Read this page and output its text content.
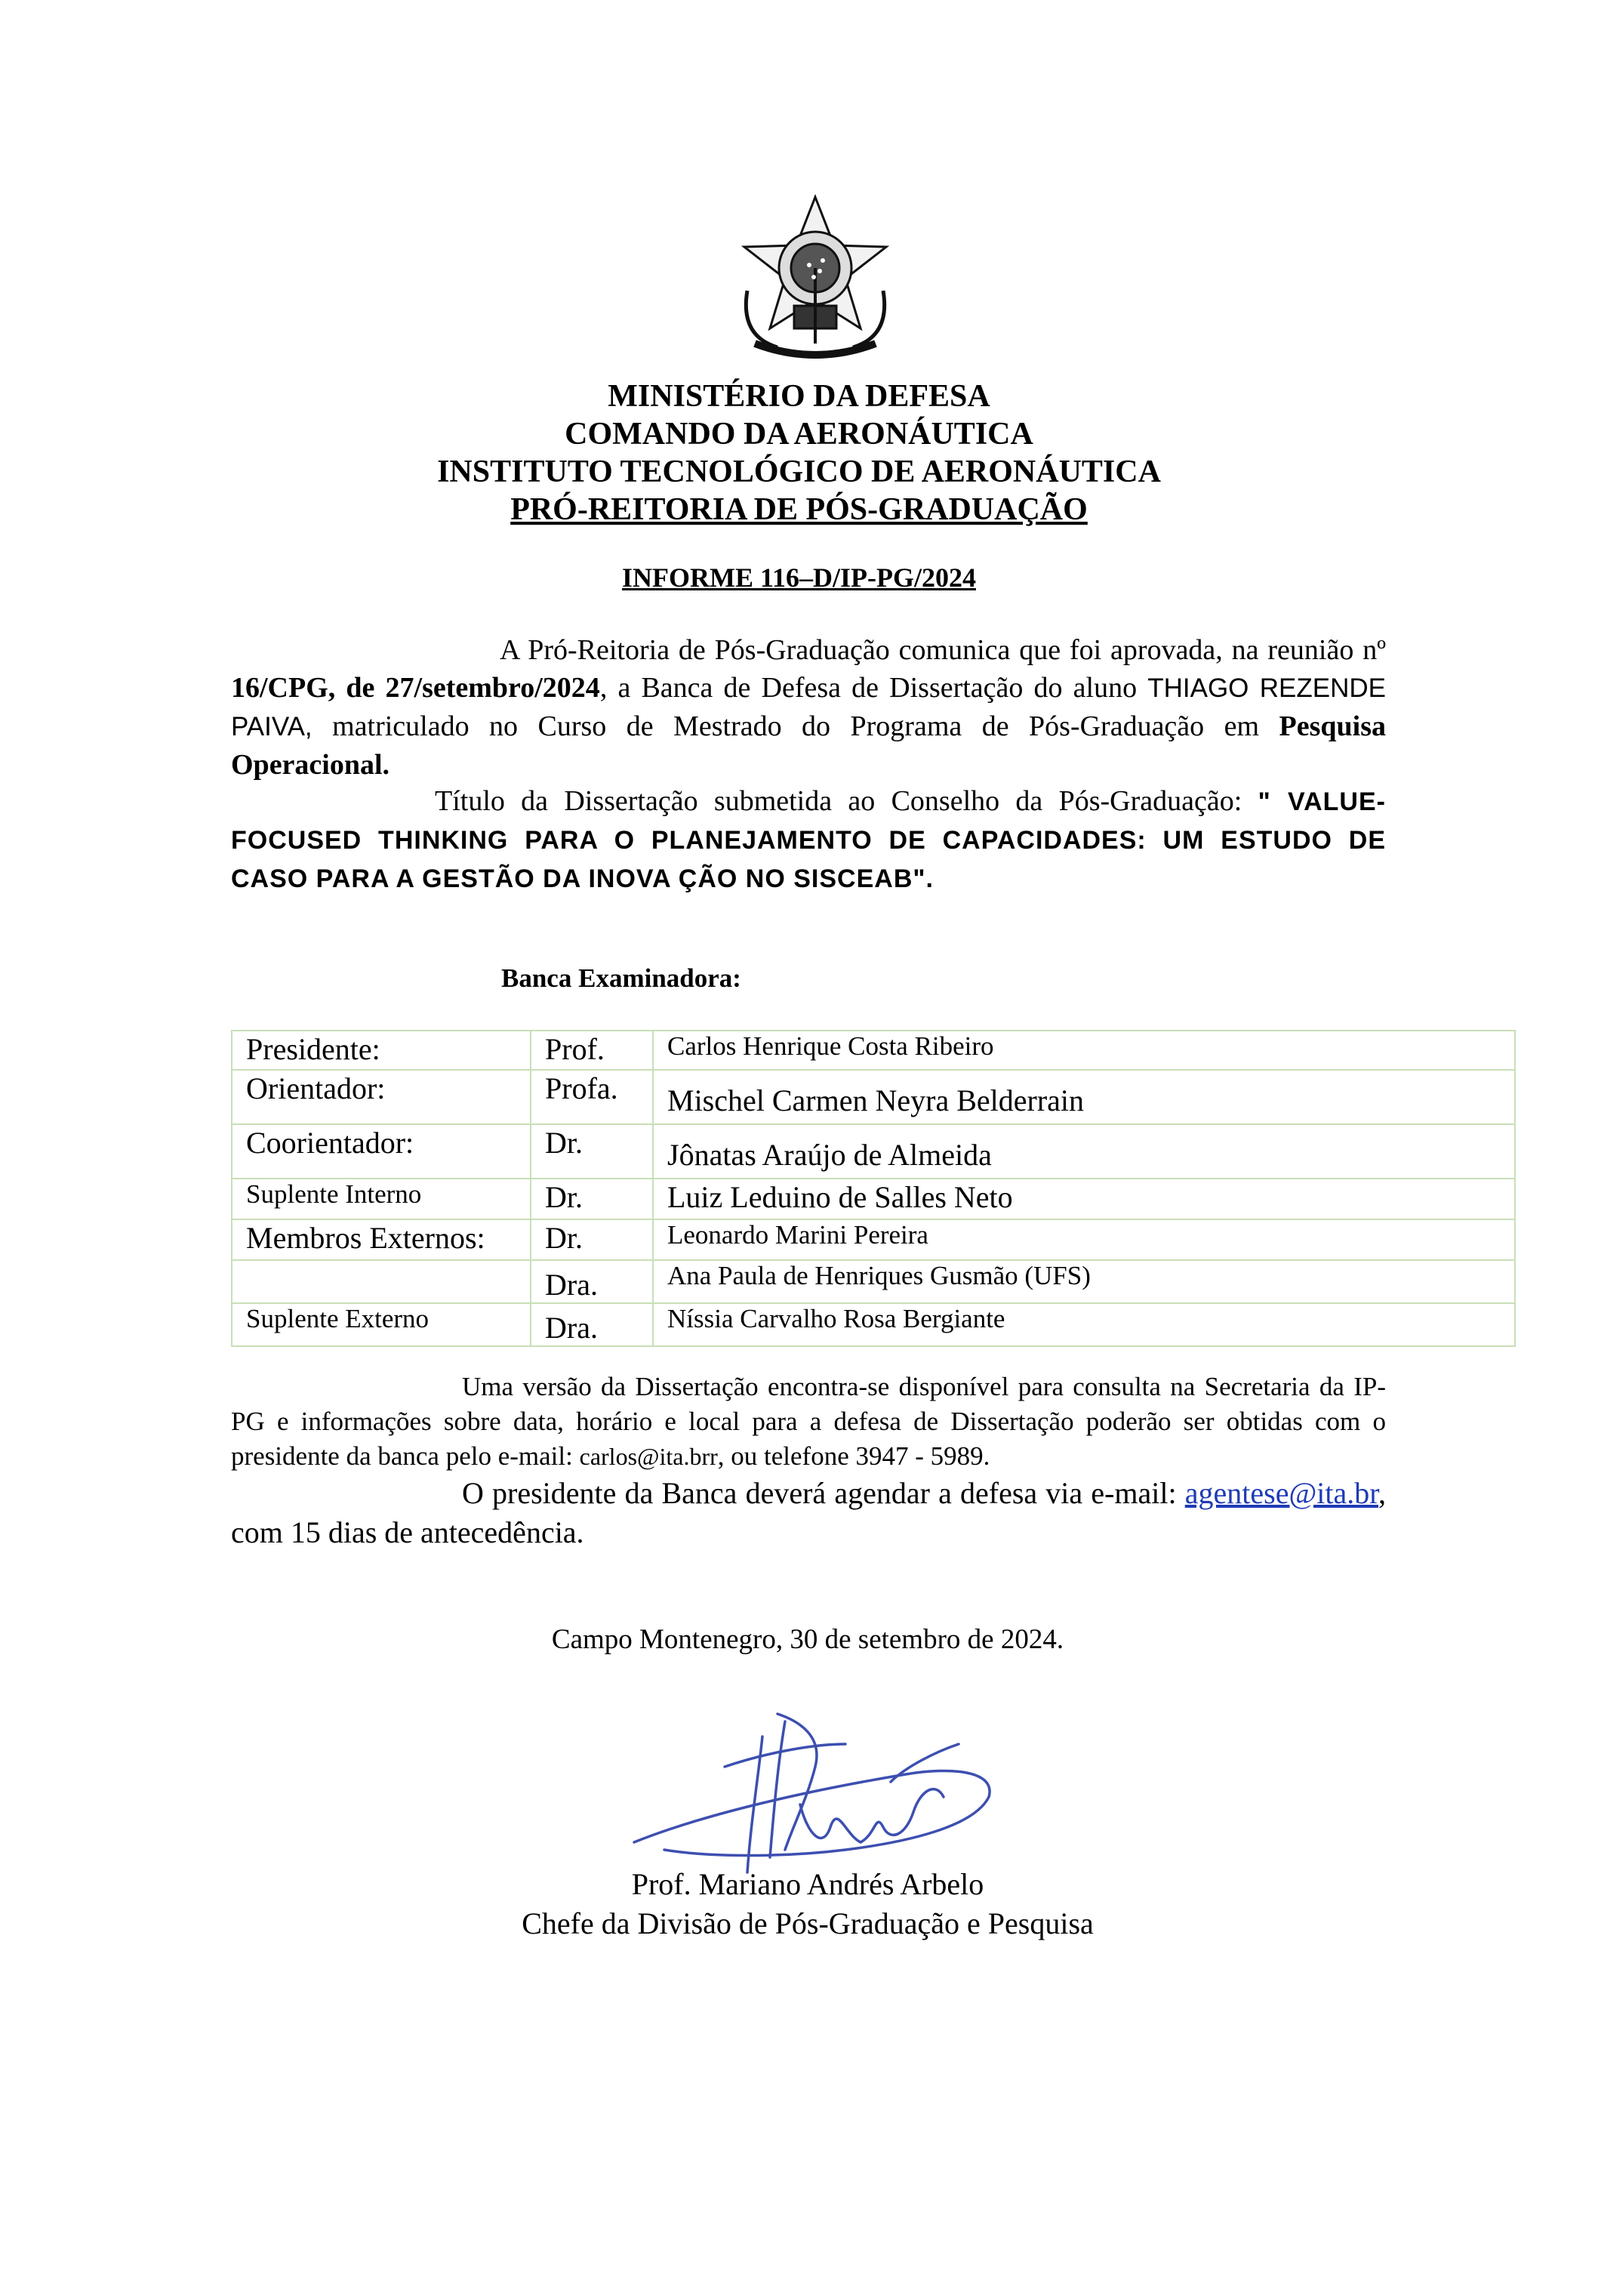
MINISTÉRIO DA DEFESA
COMANDO DA AERONÁUTICA
INSTITUTO TECNOLÓGICO DE AERONÁUTICA
PRÓ-REITORIA DE PÓS-GRADUAÇÃO
INFORME 116–D/IP-PG/2024

A Pró-Reitoria de Pós-Graduação comunica que foi aprovada, na reunião nº 16/CPG, de 27/setembro/2024, a Banca de Defesa de Dissertação do aluno THIAGO REZENDE PAIVA, matriculado no Curso de Mestrado do Programa de Pós-Graduação em Pesquisa Operacional.

Título da Dissertação submetida ao Conselho da Pós-Graduação: " VALUE-FOCUSED THINKING PARA O PLANEJAMENTO DE CAPACIDADES: UM ESTUDO DE CASO PARA A GESTÃO DA INOVA ÇÃO NO SISCEAB".

Banca Examinadora:
Presidente:	Prof.	Carlos Henrique Costa Ribeiro
Orientador:	Profa.	Mischel Carmen Neyra Belderrain
Coorientador:	Dr.	Jônatas Araújo de Almeida
Suplente Interno	Dr.	Luiz Leduino de Salles Neto
Membros Externos:	Dr.	Leonardo Marini Pereira
	Dra.	Ana Paula de Henriques Gusmão (UFS)
Suplente Externo	Dra.	Níssia Carvalho Rosa Bergiante

Uma versão da Dissertação encontra-se disponível para consulta na Secretaria da IP-PG e informações sobre data, horário e local para a defesa de Dissertação poderão ser obtidas com o presidente da banca pelo e-mail: carlos@ita.brr, ou telefone 3947 - 5989.

O presidente da Banca deverá agendar a defesa via e-mail: agentese@ita.br, com 15 dias de antecedência.

Campo Montenegro, 30 de setembro de 2024.
Prof. Mariano Andrés Arbelo
Chefe da Divisão de Pós-Graduação e Pesquisa
